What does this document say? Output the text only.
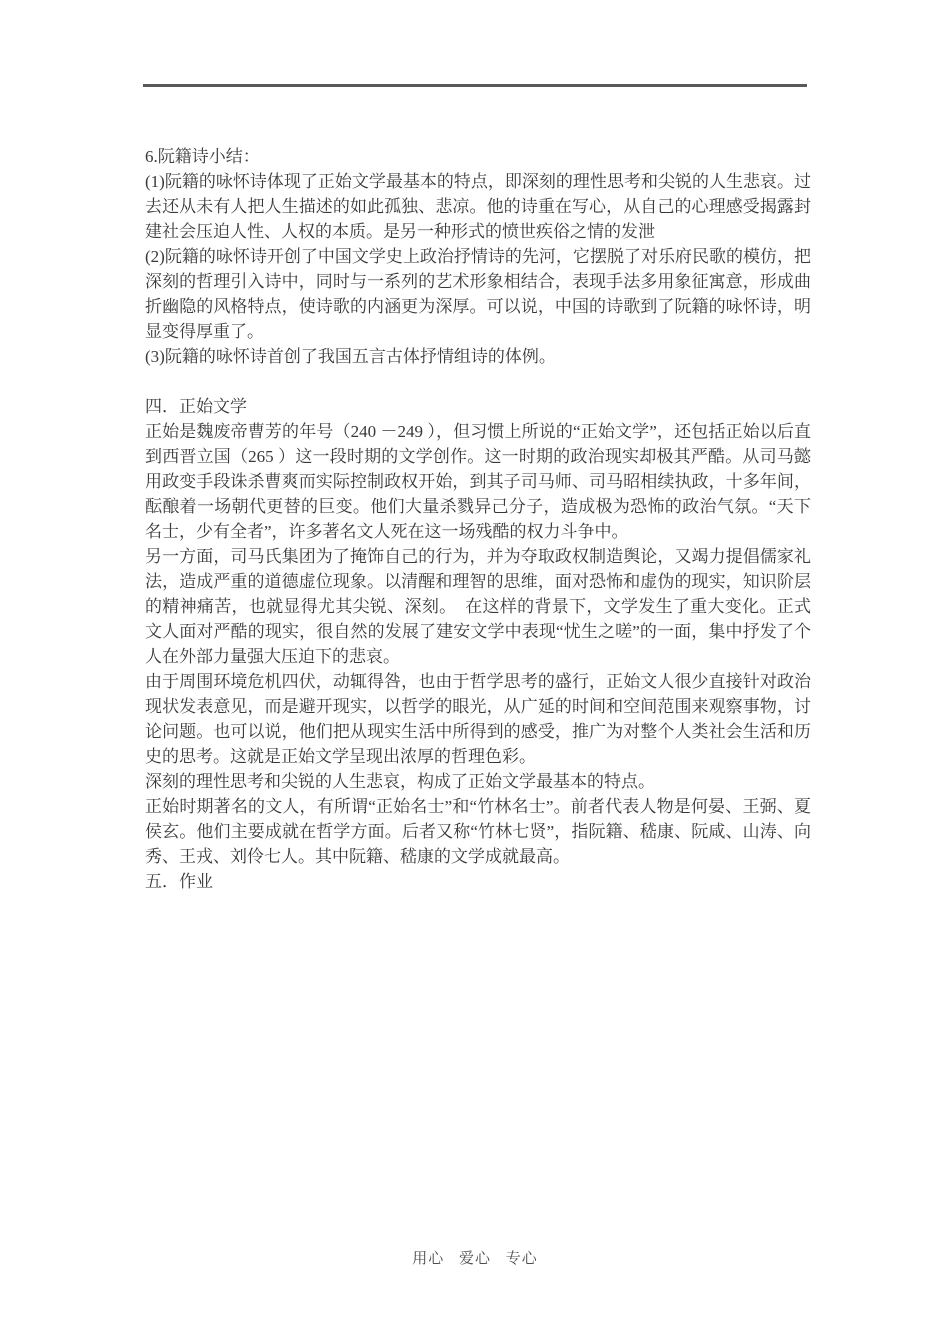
6.阮籍诗小结：

(1)阮籍的咏怀诗体现了正始文学最基本的特点，即深刻的理性思考和尖锐的人生悲哀。过去还从未有人把人生描述的如此孤独、悲凉。他的诗重在写心，从自己的心理感受揭露封建社会压迫人性、人权的本质。是另一种形式的愤世疾俗之情的发泄

(2)阮籍的咏怀诗开创了中国文学史上政治抒情诗的先河，它摆脱了对乐府民歌的模仿，把深刻的哲理引入诗中，同时与一系列的艺术形象相结合，表现手法多用象征寓意，形成曲折幽隐的风格特点，使诗歌的内涵更为深厚。可以说，中国的诗歌到了阮籍的咏怀诗，明显变得厚重了。

(3)阮籍的咏怀诗首创了我国五言古体抒情组诗的体例。

四．正始文学

正始是魏废帝曹芳的年号（240 －249 ），但习惯上所说的“正始文学”，还包括正始以后直到西晋立国（265 ）这一段时期的文学创作。这一时期的政治现实却极其严酷。从司马懿用政变手段诛杀曹爽而实际控制政权开始，到其子司马师、司马昭相续执政，十多年间，酝酿着一场朝代更替的巨变。他们大量杀戮异己分子，造成极为恐怖的政治气氛。“天下名士，少有全者”，许多著名文人死在这一场残酷的权力斗争中。

另一方面，司马氏集团为了掩饰自己的行为，并为夺取政权制造舆论，又竭力提倡儒家礼法，造成严重的道德虚位现象。以清醒和理智的思维，面对恐怖和虚伪的现实，知识阶层的精神痛苦，也就显得尤其尖锐、深刻。　在这样的背景下，文学发生了重大变化。正式文人面对严酷的现实，很自然的发展了建安文学中表现“忧生之嗟”的一面，集中抒发了个人在外部力量强大压迫下的悲哀。

由于周围环境危机四伏，动辄得咎，也由于哲学思考的盛行，正始文人很少直接针对政治现状发表意见，而是避开现实，以哲学的眼光，从广延的时间和空间范围来观察事物，讨论问题。也可以说，他们把从现实生活中所得到的感受，推广为对整个人类社会生活和历史的思考。这就是正始文学呈现出浓厚的哲理色彩。

深刻的理性思考和尖锐的人生悲哀，构成了正始文学最基本的特点。

正始时期著名的文人，有所谓“正始名士”和“竹林名士”。前者代表人物是何晏、王弼、夏侯玄。他们主要成就在哲学方面。后者又称“竹林七贤”，指阮籍、嵇康、阮咸、山涛、向秀、王戎、刘伶七人。其中阮籍、嵇康的文学成就最高。

五．作业

用心 爱心 专心
